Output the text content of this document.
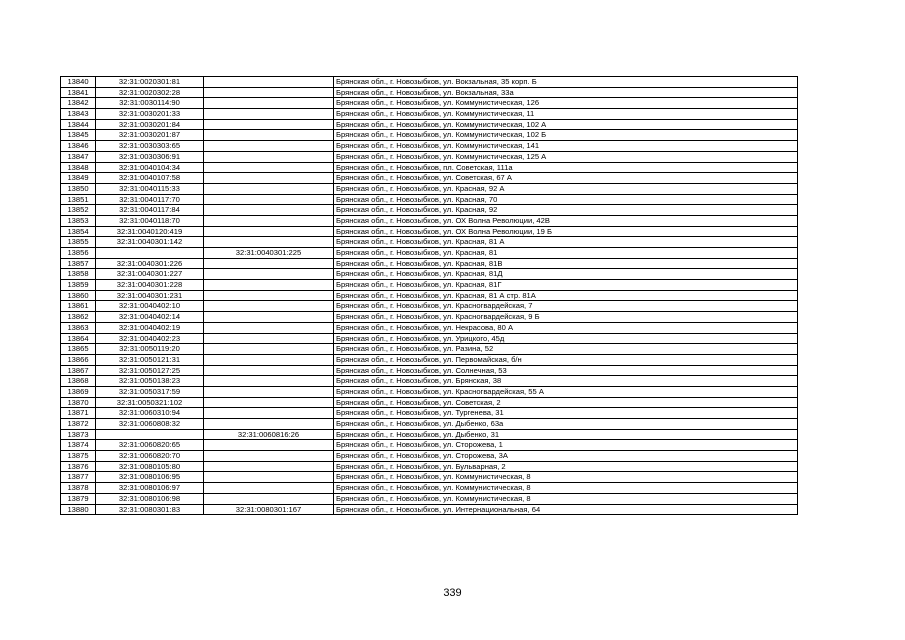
13840	32:31:0020301:81		Брянская обл., г. Новозыбков, ул. Вокзальная, 35 корп. Б
13841	32:31:0020302:28		Брянская обл., г. Новозыбков, ул. Вокзальная, 33а
13842	32:31:0030114:90		Брянская обл., г. Новозыбков, ул. Коммунистическая, 126
13843	32:31:0030201:33		Брянская обл., г. Новозыбков, ул. Коммунистическая, 11
13844	32:31:0030201:84		Брянская обл., г. Новозыбков, ул. Коммунистическая, 102 А
13845	32:31:0030201:87		Брянская обл., г. Новозыбков, ул. Коммунистическая, 102 Б
13846	32:31:0030303:65		Брянская обл., г. Новозыбков, ул. Коммунистическая, 141
13847	32:31:0030306:91		Брянская обл., г. Новозыбков, ул. Коммунистическая, 125 А
13848	32:31:0040104:34		Брянская обл., г. Новозыбков, пл. Советская, 111а
13849	32:31:0040107:58		Брянская обл., г. Новозыбков, ул. Советская, 67 А
13850	32:31:0040115:33		Брянская обл., г. Новозыбков, ул. Красная, 92 А
13851	32:31:0040117:70		Брянская обл., г. Новозыбков, ул. Красная, 70
13852	32:31:0040117:84		Брянская обл., г. Новозыбков, ул. Красная, 92
13853	32:31:0040118:70		Брянская обл., г. Новозыбков, ул. ОХ Волна Революции, 42В
13854	32:31:0040120:419		Брянская обл., г. Новозыбков, ул. ОХ Волна Революции, 19 Б
13855	32:31:0040301:142		Брянская обл., г. Новозыбков, ул. Красная, 81 А
13856		32:31:0040301:225	Брянская обл., г. Новозыбков, ул. Красная, 81
13857	32:31:0040301:226		Брянская обл., г. Новозыбков, ул. Красная, 81В
13858	32:31:0040301:227		Брянская обл., г. Новозыбков, ул. Красная, 81Д
13859	32:31:0040301:228		Брянская обл., г. Новозыбков, ул. Красная, 81Г
13860	32:31:0040301:231		Брянская обл., г. Новозыбков, ул. Красная, 81 А стр. 81А
13861	32:31:0040402:10		Брянская обл., г. Новозыбков, ул. Красногвардейская, 7
13862	32:31:0040402:14		Брянская обл., г. Новозыбков, ул. Красногвардейская, 9 Б
13863	32:31:0040402:19		Брянская обл., г. Новозыбков, ул. Некрасова, 80 А
13864	32:31:0040402:23		Брянская обл., г. Новозыбков, ул. Урицкого, 45д
13865	32:31:0050119:20		Брянская обл., г. Новозыбков, ул. Разина, 52
13866	32:31:0050121:31		Брянская обл., г. Новозыбков, ул. Первомайская, б/н
13867	32:31:0050127:25		Брянская обл., г. Новозыбков, ул. Солнечная, 53
13868	32:31:0050138:23		Брянская обл., г. Новозыбков, ул. Брянская, 38
13869	32:31:0050317:59		Брянская обл., г. Новозыбков, ул. Красногвардейская, 55 А
13870	32:31:0050321:102		Брянская обл., г. Новозыбков, ул. Советская, 2
13871	32:31:0060310:94		Брянская обл., г. Новозыбков, ул. Тургенева, 31
13872	32:31:0060808:32		Брянская обл., г. Новозыбков, ул. Дыбенко, 63а
13873		32:31:0060816:26	Брянская обл., г. Новозыбков, ул. Дыбенко, 31
13874	32:31:0060820:65		Брянская обл., г. Новозыбков, ул. Сторожева, 1
13875	32:31:0060820:70		Брянская обл., г. Новозыбков, ул. Сторожева, 3А
13876	32:31:0080105:80		Брянская обл., г. Новозыбков, ул. Бульварная, 2
13877	32:31:0080106:95		Брянская обл., г. Новозыбков, ул. Коммунистическая, 8
13878	32:31:0080106:97		Брянская обл., г. Новозыбков, ул. Коммунистическая, 8
13879	32:31:0080106:98		Брянская обл., г. Новозыбков, ул. Коммунистическая, 8
13880	32:31:0080301:83	32:31:0080301:167	Брянская обл., г. Новозыбков, ул. Интернациональная, 64
339
